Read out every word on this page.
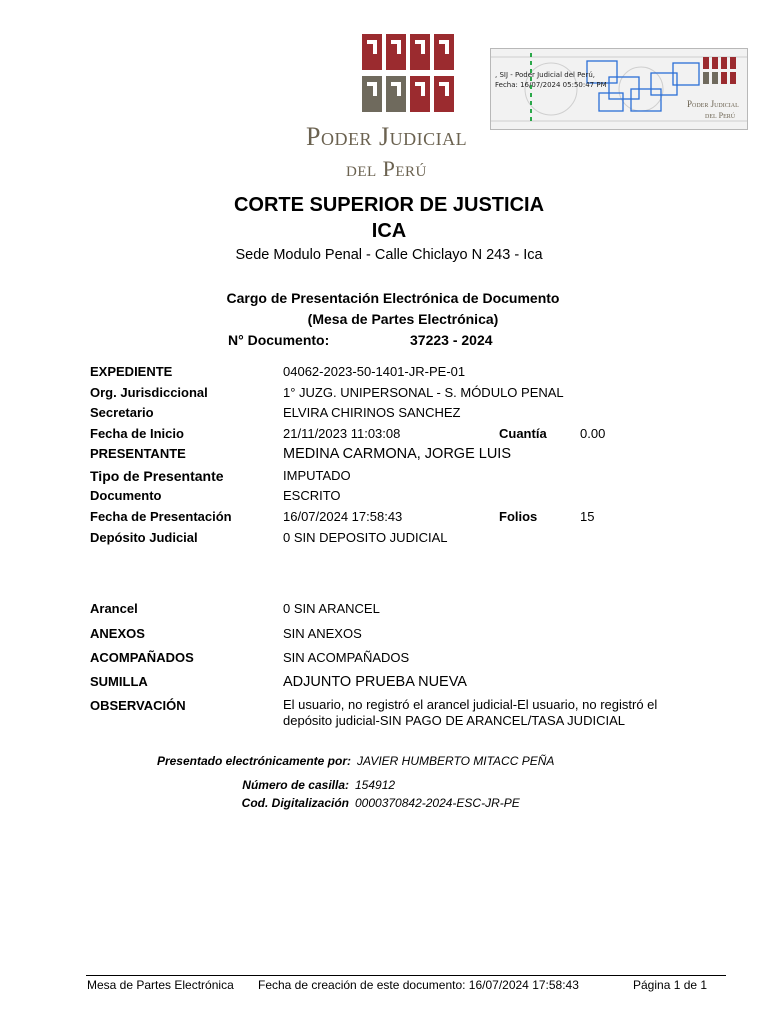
Poder Judicial
del Perú
, SIJ - Poder Judicial del Perú,
Fecha: 16/07/2024 05:50:47 PM
Poder Judicial
del Perú
CORTE SUPERIOR DE JUSTICIA
ICA
Sede Modulo Penal - Calle Chiclayo N 243 - Ica
Cargo de Presentación Electrónica de Documento
(Mesa de Partes Electrónica)
N° Documento:	37223 - 2024
EXPEDIENTE	04062-2023-50-1401-JR-PE-01
Org. Jurisdiccional	1° JUZG. UNIPERSONAL - S. MÓDULO PENAL
Secretario	ELVIRA CHIRINOS SANCHEZ
Fecha de Inicio	21/11/2023 11:03:08	Cuantía	0.00
PRESENTANTE	MEDINA CARMONA, JORGE LUIS
Tipo de Presentante	IMPUTADO
Documento	ESCRITO
Fecha de Presentación	16/07/2024 17:58:43	Folios	15
Depósito Judicial	0 SIN DEPOSITO JUDICIAL
Arancel	0 SIN ARANCEL
ANEXOS	SIN ANEXOS
ACOMPAÑADOS	SIN ACOMPAÑADOS
SUMILLA	ADJUNTO PRUEBA NUEVA
OBSERVACIÓN	El usuario, no registró el arancel judicial-El usuario, no registró el depósito judicial-SIN PAGO DE ARANCEL/TASA JUDICIAL
Presentado electrónicamente por: JAVIER HUMBERTO MITACC PEÑA
Número de casilla: 154912
Cod. Digitalización 0000370842-2024-ESC-JR-PE
Mesa de Partes Electrónica Fecha de creación de este documento: 16/07/2024 17:58:43	Página 1 de 1
